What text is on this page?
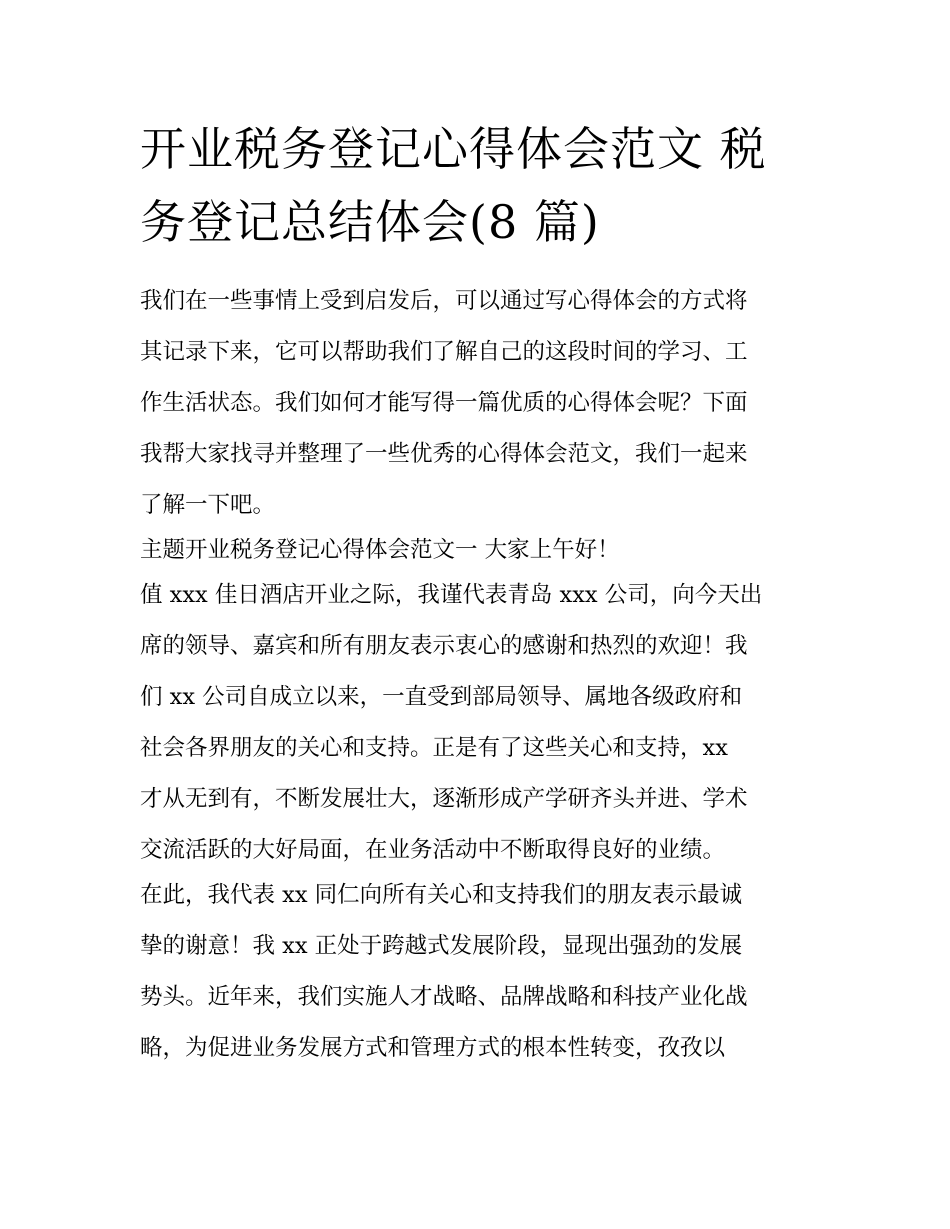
开业税务登记心得体会范文 税
务登记总结体会(8 篇)
我们在一些事情上受到启发后，可以通过写心得体会的方式将
其记录下来，它可以帮助我们了解自己的这段时间的学习、工
作生活状态。我们如何才能写得一篇优质的心得体会呢？下面
我帮大家找寻并整理了一些优秀的心得体会范文，我们一起来
了解一下吧。
主题开业税务登记心得体会范文一 大家上午好！
值 xxx 佳日酒店开业之际，我谨代表青岛 xxx 公司，向今天出
席的领导、嘉宾和所有朋友表示衷心的感谢和热烈的欢迎！我
们 xx 公司自成立以来，一直受到部局领导、属地各级政府和
社会各界朋友的关心和支持。正是有了这些关心和支持，xx
才从无到有，不断发展壮大，逐渐形成产学研齐头并进、学术
交流活跃的大好局面，在业务活动中不断取得良好的业绩。
在此，我代表 xx 同仁向所有关心和支持我们的朋友表示最诚
挚的谢意！我 xx 正处于跨越式发展阶段，显现出强劲的发展
势头。近年来，我们实施人才战略、品牌战略和科技产业化战
略，为促进业务发展方式和管理方式的根本性转变，孜孜以
